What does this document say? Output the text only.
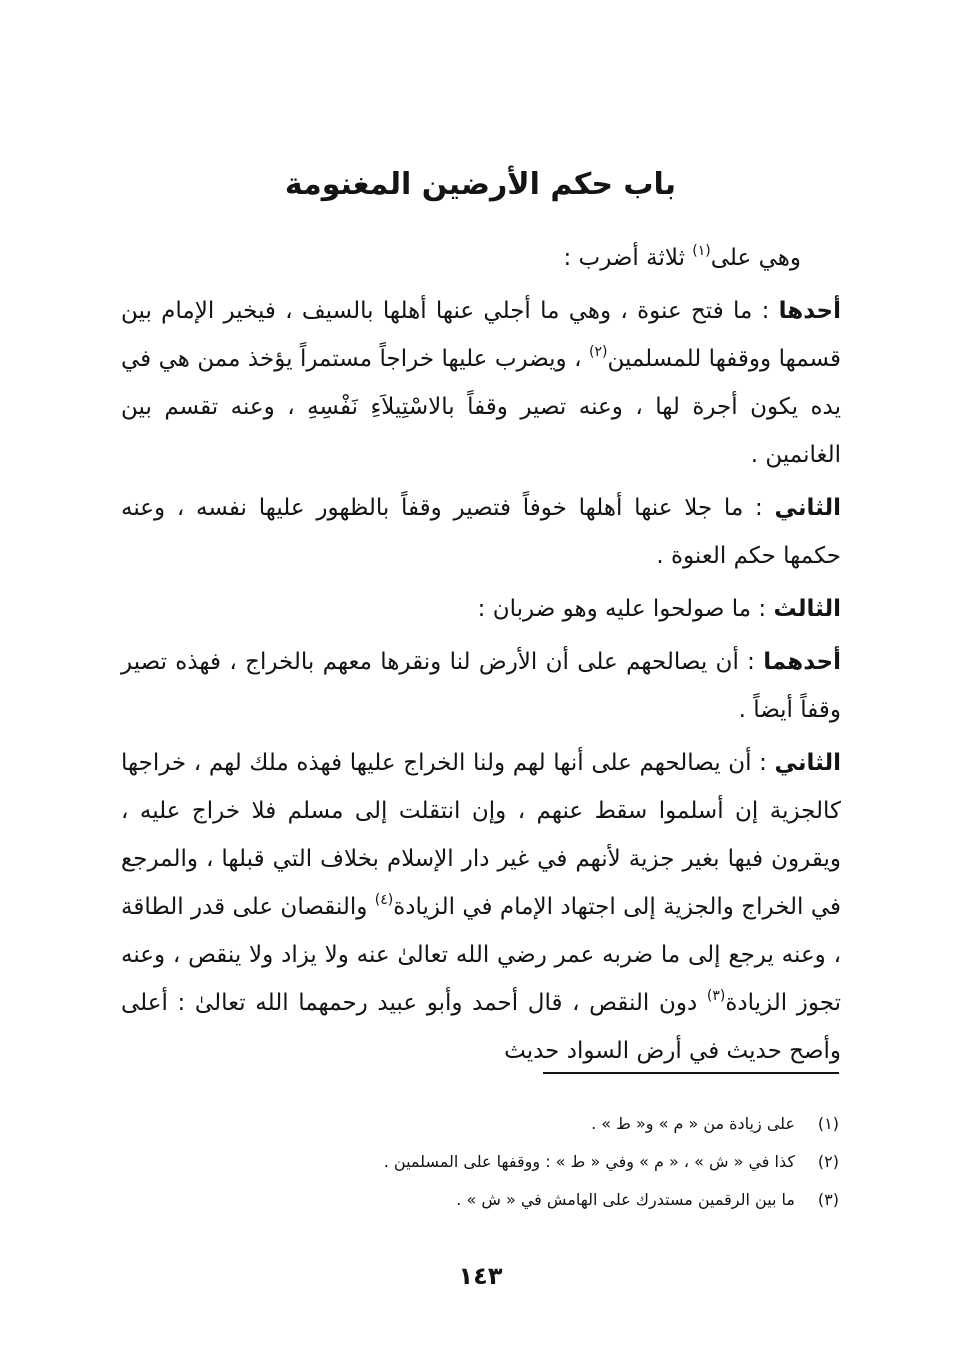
باب حكم الأرضين المغنومة

وهي على$^{(١)}$ ثلاثة أضرب :

أحدها : ما فتح عنوة ، وهي ما أجلي عنها أهلها بالسيف ، فيخير الإمام بين قسمها ووقفها للمسلمين$^{(٢)}$ ، ويضرب عليها خراجاً مستمراً يؤخذ ممن هي في يده يكون أجرة لها ، وعنه تصير وقفاً بالاسْتِيلاَءِ نَفْسِهِ ، وعنه تقسم بين الغانمين .

الثاني : ما جلا عنها أهلها خوفاً فتصير وقفاً بالظهور عليها نفسه ، وعنه حكمها حكم العنوة .

الثالث : ما صولحوا عليه وهو ضربان :

أحدهما : أن يصالحهم على أن الأرض لنا ونقرها معهم بالخراج ، فهذه تصير وقفاً أيضاً .

الثاني : أن يصالحهم على أنها لهم ولنا الخراج عليها فهذه ملك لهم ، خراجها كالجزية إن أسلموا سقط عنهم ، وإن انتقلت إلى مسلم فلا خراج عليه ، ويقرون فيها بغير جزية لأنهم في غير دار الإسلام بخلاف التي قبلها ، والمرجع في الخراج والجزية إلى اجتهاد الإمام في الزيادة$^{(٤)}$ والنقصان على قدر الطاقة ، وعنه يرجع إلى ما ضربه عمر رضي الله تعالىٰ عنه ولا يزاد ولا ينقص ، وعنه تجوز الزيادة$^{(٣)}$ دون النقص ، قال أحمد وأبو عبيد رحمهما الله تعالىٰ : أعلى وأصح حديث في أرض السواد حديث

(١)على زيادة من « م » و« ط » .
(٢)كذا في « ش » ، « م » وفي « ط » : ووقفها على المسلمين .
(٣)ما بين الرقمين مستدرك على الهامش في « ش » .
١٤٣
